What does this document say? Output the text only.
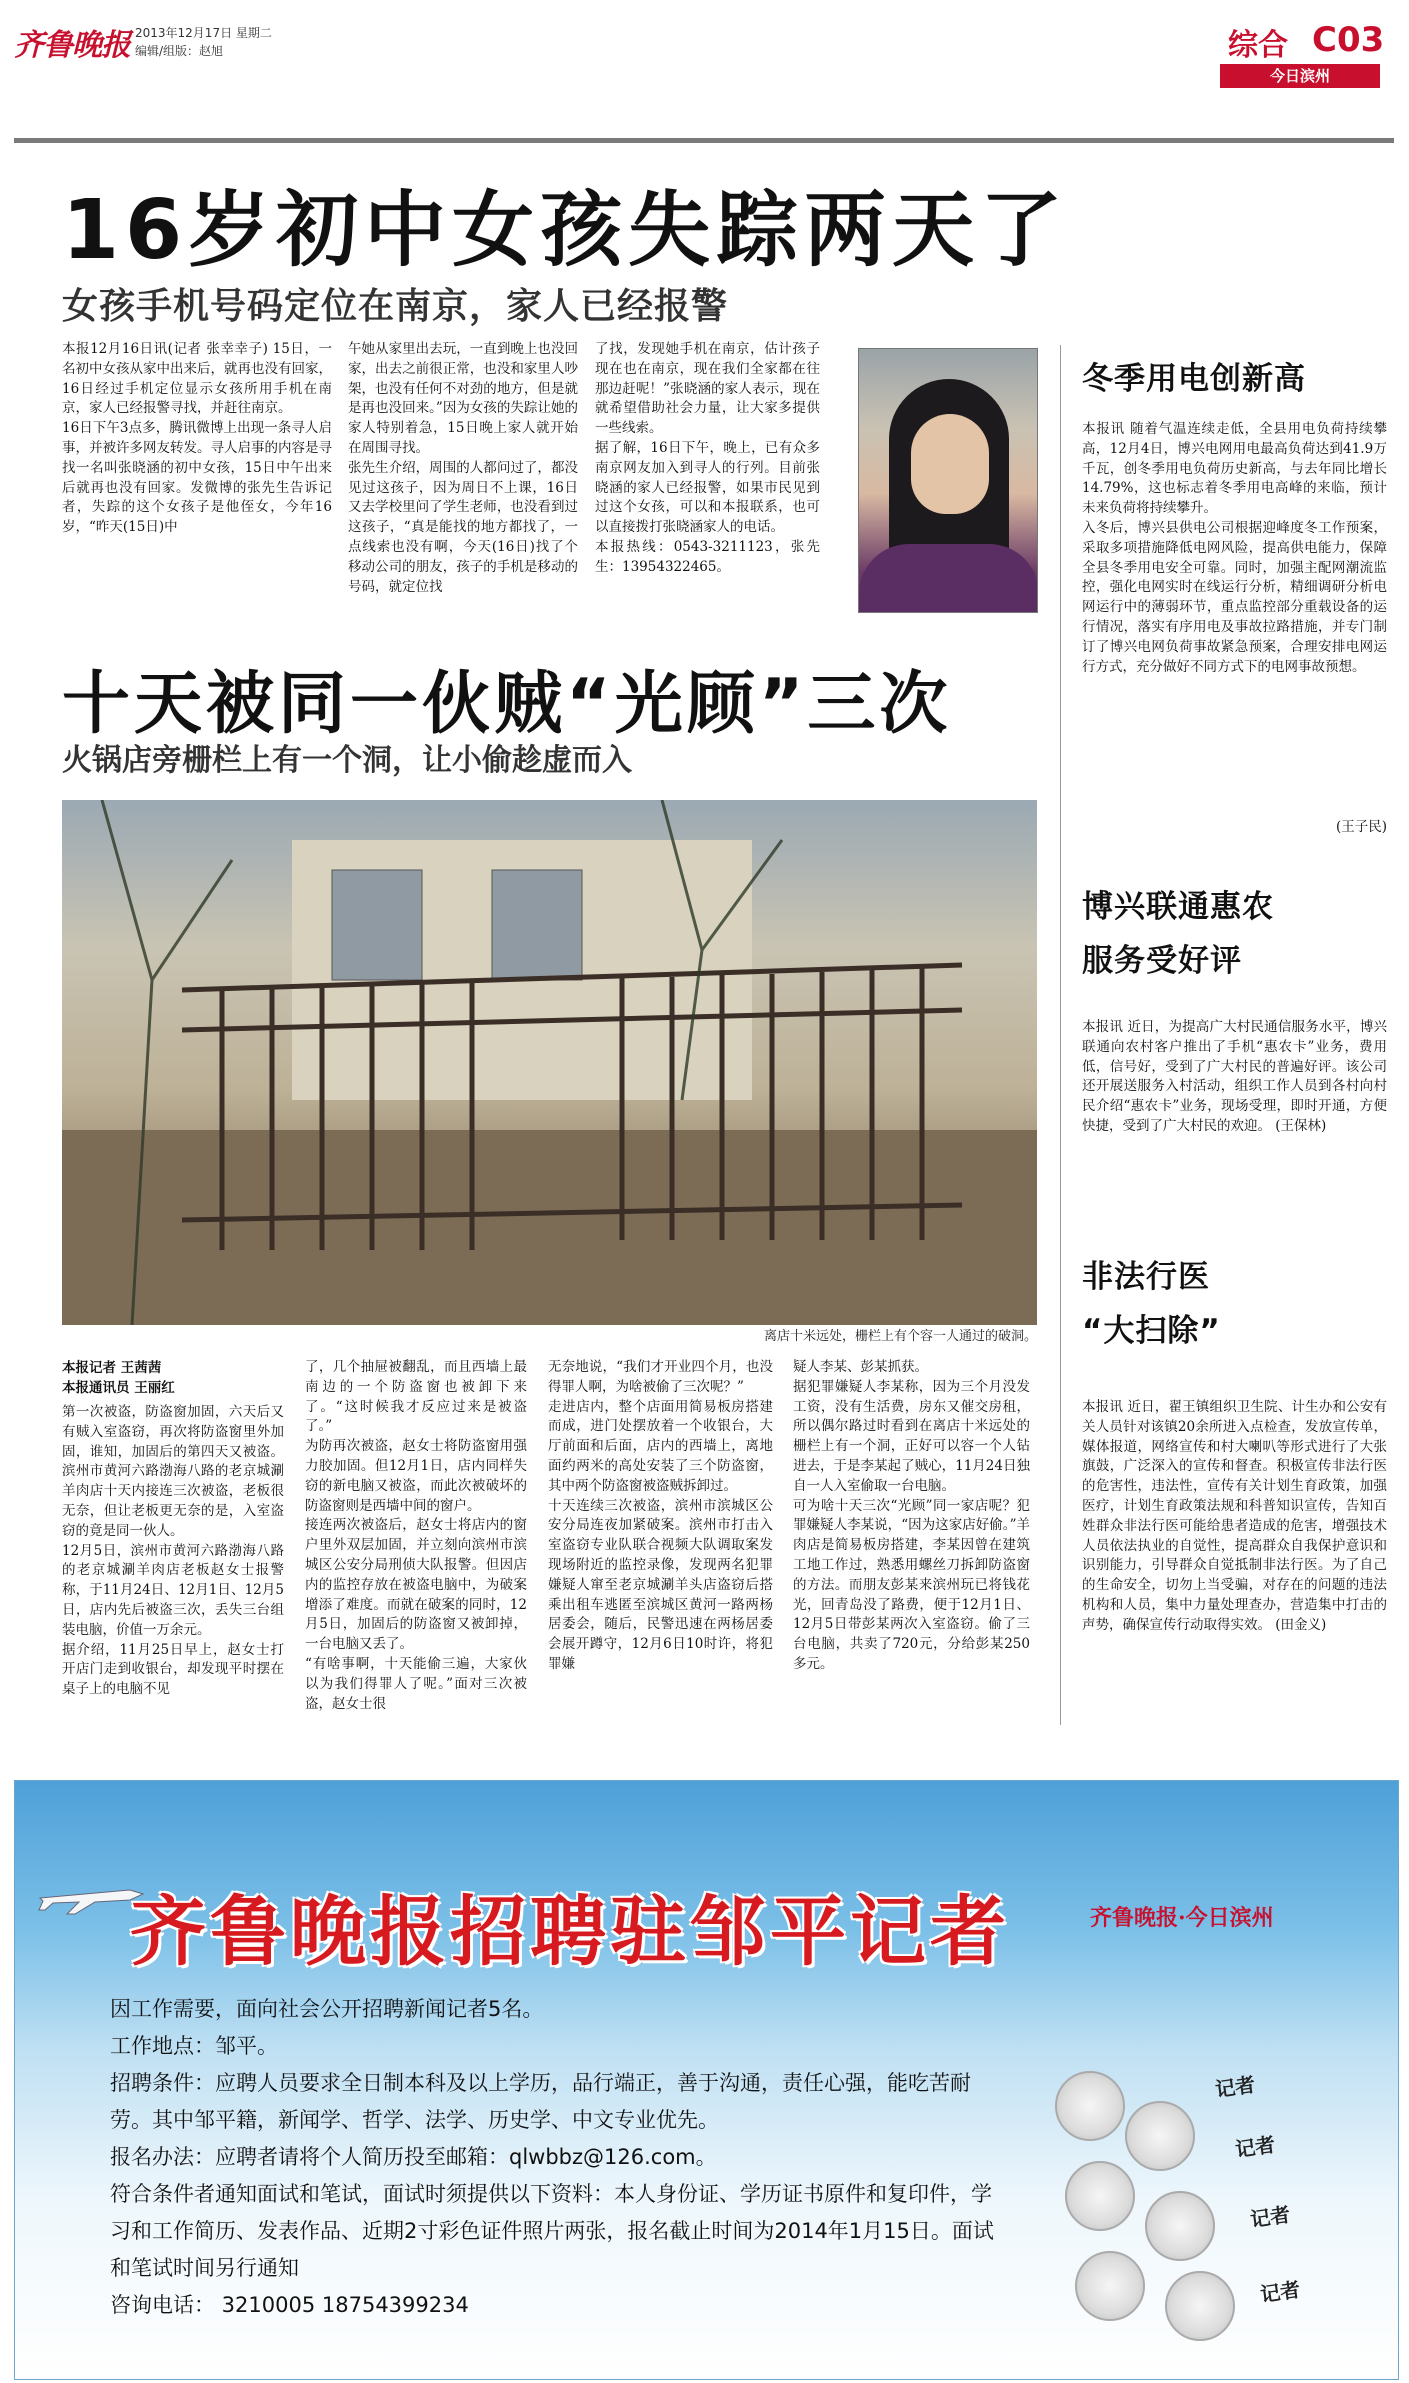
齐鲁晚报 2013年12月17日 星期二
编辑/组版：赵旭	综合 C03
今日滨州
16岁初中女孩失踪两天了
女孩手机号码定位在南京，家人已经报警
本报12月16日讯(记者 张幸幸子) 15日，一名初中女孩从家中出来后，就再也没有回家，16日经过手机定位显示女孩所用手机在南京，家人已经报警寻找，并赶往南京。
16日下午3点多，腾讯微博上出现一条寻人启事，并被许多网友转发。寻人启事的内容是寻找一名叫张晓涵的初中女孩，15日中午出来后就再也没有回家。发微博的张先生告诉记者，失踪的这个女孩子是他侄女，今年16岁，“昨天(15日)中
午她从家里出去玩，一直到晚上也没回家，出去之前很正常，也没和家里人吵架，也没有任何不对劲的地方，但是就是再也没回来。”因为女孩的失踪让她的家人特别着急，15日晚上家人就开始在周围寻找。
张先生介绍，周围的人都问过了，都没见过这孩子，因为周日不上课，16日又去学校里问了学生老师，也没看到过这孩子，“真是能找的地方都找了，一点线索也没有啊，今天(16日)找了个移动公司的朋友，孩子的手机是移动的号码，就定位找
了找，发现她手机在南京，估计孩子现在也在南京，现在我们全家都在往那边赶呢！”张晓涵的家人表示，现在就希望借助社会力量，让大家多提供一些线索。
据了解，16日下午，晚上，已有众多南京网友加入到寻人的行列。目前张晓涵的家人已经报警，如果市民见到过这个女孩，可以和本报联系，也可以直接拨打张晓涵家人的电话。
本报热线：0543-3211123，张先生：13954322465。
十天被同一伙贼“光顾”三次
火锅店旁栅栏上有一个洞，让小偷趁虚而入
离店十米远处，栅栏上有个容一人通过的破洞。
本报记者 王茜茜
本报通讯员 王丽红
第一次被盗，防盗窗加固，六天后又有贼入室盗窃，再次将防盗窗里外加固，谁知，加固后的第四天又被盗。滨州市黄河六路渤海八路的老京城涮羊肉店十天内接连三次被盗，老板很无奈，但让老板更无奈的是，入室盗窃的竟是同一伙人。
12月5日，滨州市黄河六路渤海八路的老京城涮羊肉店老板赵女士报警称，于11月24日、12月1日、12月5日，店内先后被盗三次，丢失三台组装电脑，价值一万余元。
据介绍，11月25日早上，赵女士打开店门走到收银台，却发现平时摆在桌子上的电脑不见
了，几个抽屉被翻乱，而且西墙上最南边的一个防盗窗也被卸下来了。“这时候我才反应过来是被盗了。”
为防再次被盗，赵女士将防盗窗用强力胶加固。但12月1日，店内同样失窃的新电脑又被盗，而此次被破坏的防盗窗则是西墙中间的窗户。
接连两次被盗后，赵女士将店内的窗户里外双层加固，并立刻向滨州市滨城区公安分局刑侦大队报警。但因店内的监控存放在被盗电脑中，为破案增添了难度。而就在破案的同时，12月5日，加固后的防盗窗又被卸掉，一台电脑又丢了。
“有啥事啊，十天能偷三遍，大家伙以为我们得罪人了呢。”面对三次被盗，赵女士很
无奈地说，“我们才开业四个月，也没得罪人啊，为啥被偷了三次呢？”
走进店内，整个店面用简易板房搭建而成，进门处摆放着一个收银台，大厅前面和后面，店内的西墙上，离地面约两米的高处安装了三个防盗窗，其中两个防盗窗被盗贼拆卸过。
十天连续三次被盗，滨州市滨城区公安分局连夜加紧破案。滨州市打击入室盗窃专业队联合视频大队调取案发现场附近的监控录像，发现两名犯罪嫌疑人窜至老京城涮羊头店盗窃后搭乘出租车逃匿至滨城区黄河一路两杨居委会，随后，民警迅速在两杨居委会展开蹲守，12月6日10时许，将犯罪嫌
疑人李某、彭某抓获。
据犯罪嫌疑人李某称，因为三个月没发工资，没有生活费，房东又催交房租，所以偶尔路过时看到在离店十米远处的栅栏上有一个洞，正好可以容一个人钻进去，于是李某起了贼心，11月24日独自一人入室偷取一台电脑。
可为啥十天三次“光顾”同一家店呢？犯罪嫌疑人李某说，“因为这家店好偷。”羊肉店是简易板房搭建，李某因曾在建筑工地工作过，熟悉用螺丝刀拆卸防盗窗的方法。而朋友彭某来滨州玩已将钱花光，回青岛没了路费，便于12月1日、12月5日带彭某两次入室盗窃。偷了三台电脑，共卖了720元，分给彭某250多元。
冬季用电创新高
本报讯 随着气温连续走低，全县用电负荷持续攀高，12月4日，博兴电网用电最高负荷达到41.9万千瓦，创冬季用电负荷历史新高，与去年同比增长14.79%，这也标志着冬季用电高峰的来临，预计未来负荷将持续攀升。
入冬后，博兴县供电公司根据迎峰度冬工作预案，采取多项措施降低电网风险，提高供电能力，保障全县冬季用电安全可靠。同时，加强主配网潮流监控，强化电网实时在线运行分析，精细调研分析电网运行中的薄弱环节，重点监控部分重载设备的运行情况，落实有序用电及事故拉路措施，并专门制订了博兴电网负荷事故紧急预案，合理安排电网运行方式，充分做好不同方式下的电网事故预想。
(王子民)
博兴联通惠农
服务受好评
本报讯 近日，为提高广大村民通信服务水平，博兴联通向农村客户推出了手机“惠农卡”业务，费用低，信号好，受到了广大村民的普遍好评。该公司还开展送服务入村活动，组织工作人员到各村向村民介绍“惠农卡”业务，现场受理，即时开通，方便快捷，受到了广大村民的欢迎。 (王保林)
非法行医
“大扫除”
本报讯 近日，翟王镇组织卫生院、计生办和公安有关人员针对该镇20余所进入点检查，发放宣传单，媒体报道，网络宣传和村大喇叭等形式进行了大张旗鼓，广泛深入的宣传和督查。积极宣传非法行医的危害性，违法性，宣传有关计划生育政策，加强医疗，计划生育政策法规和科普知识宣传，告知百姓群众非法行医可能给患者造成的危害，增强技术人员依法执业的自觉性，提高群众自我保护意识和识别能力，引导群众自觉抵制非法行医。为了自己的生命安全，切勿上当受骗，对存在的问题的违法机构和人员，集中力量处理查办，营造集中打击的声势，确保宣传行动取得实效。 (田金义)
齐鲁晚报招聘驻邹平记者	齐鲁晚报·今日滨州

因工作需要，面向社会公开招聘新闻记者5名。

工作地点：邹平。

招聘条件：应聘人员要求全日制本科及以上学历，品行端正，善于沟通，责任心强，能吃苦耐劳。其中邹平籍，新闻学、哲学、法学、历史学、中文专业优先。

报名办法：应聘者请将个人简历投至邮箱：qlwbbz@126.com。

符合条件者通知面试和笔试，面试时须提供以下资料：本人身份证、学历证书原件和复印件，学习和工作简历、发表作品、近期2寸彩色证件照片两张，报名截止时间为2014年1月15日。面试和笔试时间另行通知

咨询电话： 3210005 18754399234

记者
记者
记者
记者
